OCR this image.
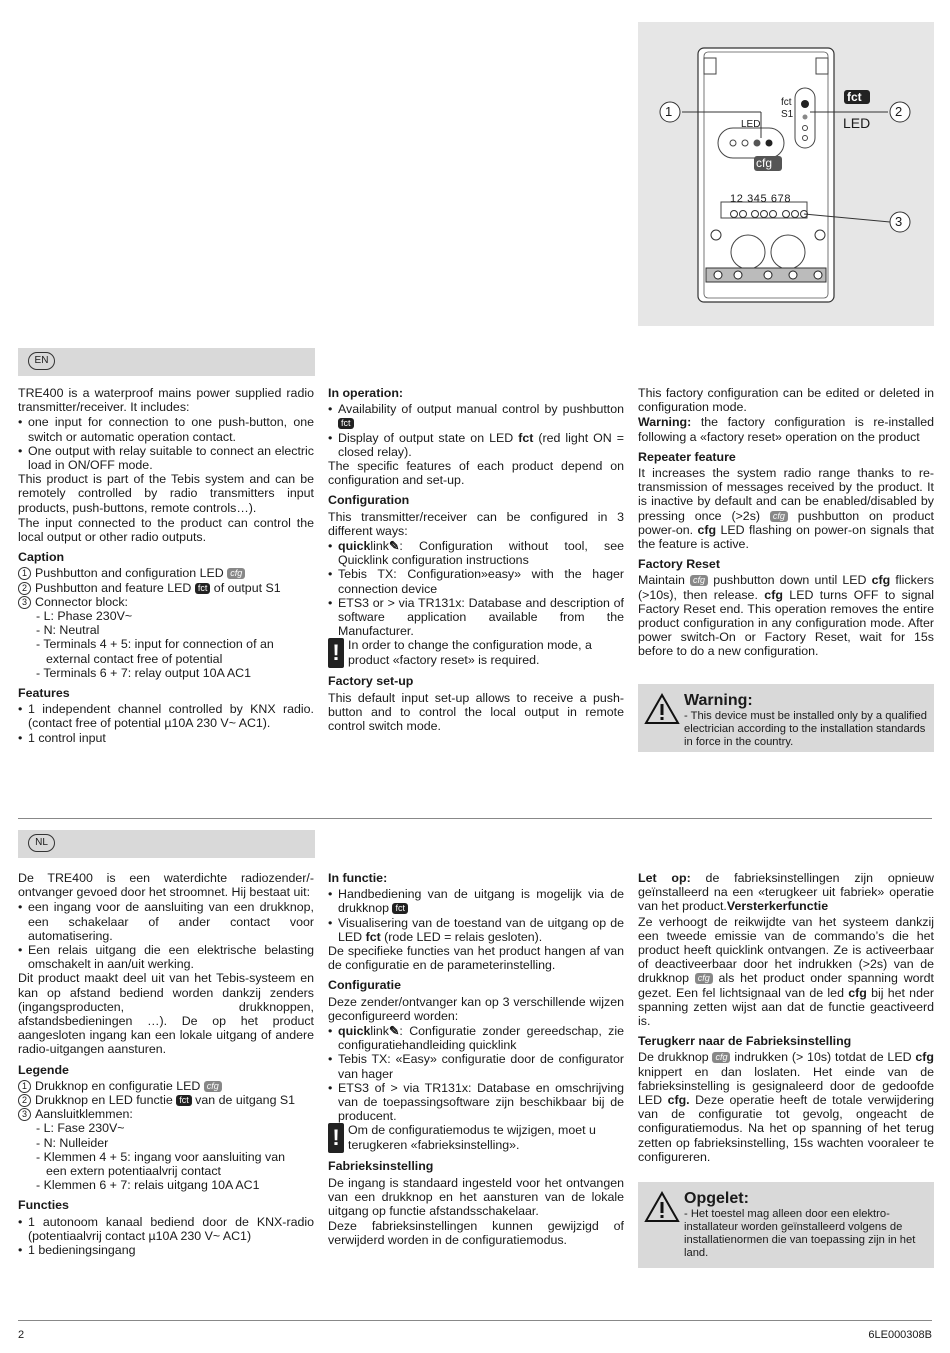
fct
S1
LED
cfg
fct
LED
12 345 678
1	2
3
EN

TRE400 is a waterproof mains power supplied radio transmitter/receiver. It includes:

• one input for connection to one push-button, one switch or automatic operation contact.
• One output with relay suitable to connect an electric load in ON/OFF mode.

This product is part of the Tebis system and can be remotely controlled by radio transmitters input products, push-buttons, remote controls…).

The input connected to the product can control the local output or other radio outputs.

Caption
1 Pushbutton and configuration LED cfg
2 Pushbutton and feature LED fct of output S1
3 Connector block:
- L: Phase 230V~
- N: Neutral
- Terminals 4 + 5: input for connection of an
external contact free of potential
- Terminals 6 + 7: relay output 10A AC1
Features
• 1 independent channel controlled by KNX radio. (contact free of potential µ10A 230 V~ AC1).
• 1 control input
In operation:
• Availability of output manual control by pushbutton fct
• Display of output state on LED fct (red light ON = closed relay).

The specific features of each product depend on configuration and set-up.

Configuration

This transmitter/receiver can be configured in 3 different ways:

• quicklink✎: Configuration without tool, see Quicklink configuration instructions
• Tebis TX: Configuration»easy» with the hager connection device
• ETS3 or > via TR131x: Database and description of software application available from the Manufacturer.
! In order to change the configuration mode, a product «factory reset» is required.
Factory set-up

This default input set-up allows to receive a push-button and to control the local output in remote control switch mode.

This factory configuration can be edited or deleted in configuration mode.

Warning: the factory configuration is re-installed following a «factory reset» operation on the product

Repeater feature

It increases the system radio range thanks to re-transmission of messages received by the product. It is inactive by default and can be enabled/disabled by pressing once (>2s) cfg pushbutton on product power-on. cfg LED flashing on power-on signals that the feature is active.

Factory Reset

Maintain cfg pushbutton down until LED cfg flickers (>10s), then release. cfg LED turns OFF to signal Factory Reset end. This operation removes the entire product configuration in any configuration mode. After power switch-On or Factory Reset, wait for 15s before to do a new configuration.

Warning:
- This device must be installed only by a qualified electrician according to the installation standards in force in the country.
NL

De TRE400 is een waterdichte radiozender/-ontvanger gevoed door het stroomnet. Hij bestaat uit:

• een ingang voor de aansluiting van een drukknop, een schakelaar of ander contact voor automatisering.
• Een relais uitgang die een elektrische belasting omschakelt in aan/uit werking.

Dit product maakt deel uit van het Tebis-systeem en kan op afstand bediend worden dankzij zenders (ingangsproducten, drukknoppen, afstandsbedieningen …). De op het product aangesloten ingang kan een lokale uitgang of andere radio-uitgangen aansturen.

Legende
1 Drukknop en configuratie LED cfg
2 Drukknop en LED functie fct van de uitgang S1
3 Aansluitklemmen:
- L: Fase 230V~
- N: Nulleider
- Klemmen 4 + 5: ingang voor aansluiting van
een extern potentiaalvrij contact
- Klemmen 6 + 7: relais uitgang 10A AC1
Functies
• 1 autonoom kanaal bediend door de KNX-radio (potentiaalvrij contact µ10A 230 V~ AC1)
• 1 bedieningsingang
In functie:
• Handbediening van de uitgang is mogelijk via de drukknop fct
• Visualisering van de toestand van de uitgang op de LED fct (rode LED = relais gesloten).

De specifieke functies van het product hangen af van de configuratie en de parameterinstelling.

Configuratie

Deze zender/ontvanger kan op 3 verschillende wijzen geconfigureerd worden:

• quicklink✎: Configuratie zonder gereedschap, zie configuratiehandleiding quicklink
• Tebis TX: «Easy» configuratie door de configurator van hager
• ETS3 of > via TR131x: Database en omschrijving van de toepassingsoftware zijn beschikbaar bij de producent.
! Om de configuratiemodus te wijzigen, moet u terugkeren «fabrieksinstelling».
Fabrieksinstelling

De ingang is standaard ingesteld voor het ontvangen van een drukknop en het aansturen van de lokale uitgang op functie afstandsschakelaar.

Deze fabrieksinstellingen kunnen gewijzigd of verwijderd worden in de configuratiemodus.

Let op: de fabrieksinstellingen zijn opnieuw geïnstalleerd na een «terugkeer uit fabriek» operatie van het product.Versterkerfunctie

Ze verhoogt de reikwijdte van het systeem dankzij een tweede emissie van de commando’s die het product heeft quicklink ontvangen. Ze is activeerbaar of deactiveerbaar door het indrukken (>2s) van de drukknop cfg als het product onder spanning wordt gezet. Een fel lichtsignaal van de led cfg bij het nder spanning zetten wijst aan dat de functie geactiveerd is.

Terugkerr naar de Fabrieksinstelling

De drukknop cfg indrukken (> 10s) totdat de LED cfg knippert en dan loslaten. Het einde van de fabrieksinstelling is gesignaleerd door de gedoofde LED cfg. Deze operatie heeft de totale verwijdering van de configuratie tot gevolg, ongeacht de configuratiemodus. Na het op spanning of het terug zetten op fabrieksinstelling, 15s wachten vooraleer te configureren.

Opgelet:
- Het toestel mag alleen door een elektro-installateur worden geïnstalleerd volgens de installatienormen die van toepassing zijn in het land.
2	6LE000308B
